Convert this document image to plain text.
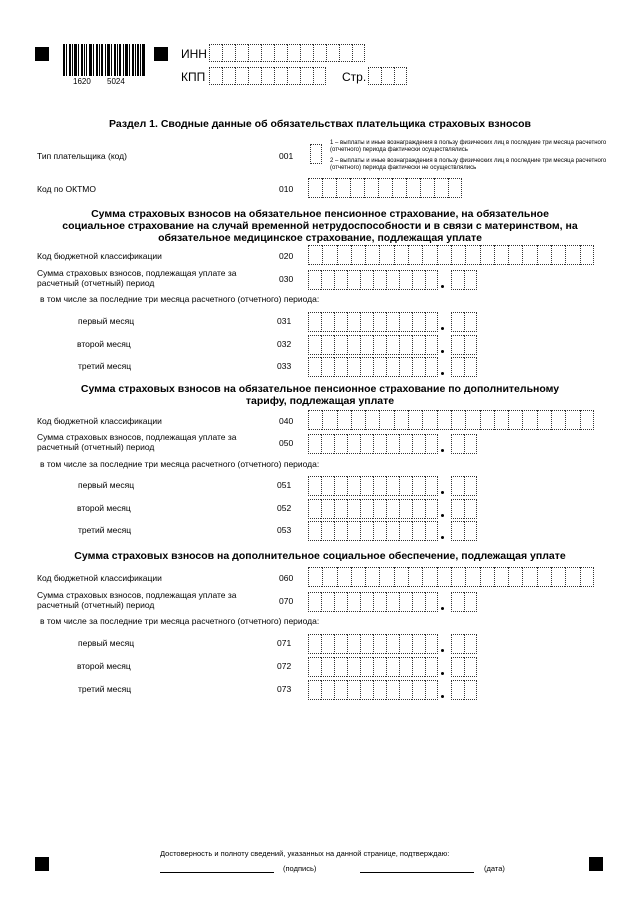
1620 5024
ИНН
КПП	Стр.
Раздел 1. Сводные данные об обязательствах плательщика страховых взносов
Тип плательщика (код)	001
1 – выплаты и иные вознаграждения в пользу физических лиц в последние три месяца расчетного (отчетного) периода фактически осуществлялись
2 – выплаты и иные вознаграждения в пользу физических лиц в последние три месяца расчетного (отчетного) периода фактически не осуществлялись
Код по ОКТМО	010
Сумма страховых взносов на обязательное пенсионное страхование, на обязательное социальное страхование на случай временной нетрудоспособности и в связи с материнством, на обязательное медицинское страхование, подлежащая уплате
Код бюджетной классификации	020
Сумма страховых взносов, подлежащая уплате за расчетный (отчетный) период	030
в том числе за последние три месяца расчетного (отчетного) периода:
первый месяц	031
второй месяц	032
третий месяц	033
Сумма страховых взносов на обязательное пенсионное страхование по дополнительному тарифу, подлежащая уплате
Код бюджетной классификации	040
Сумма страховых взносов, подлежащая уплате за расчетный (отчетный) период	050
в том числе за последние три месяца расчетного (отчетного) периода:
первый месяц	051
второй месяц	052
третий месяц	053
Сумма страховых взносов на дополнительное социальное обеспечение, подлежащая уплате
Код бюджетной классификации	060
Сумма страховых взносов, подлежащая уплате за расчетный (отчетный) период	070
в том числе за последние три месяца расчетного (отчетного) периода:
первый месяц	071
второй месяц	072
третий месяц	073
Достоверность и полноту сведений, указанных на данной странице, подтверждаю:
(подпись)	(дата)
